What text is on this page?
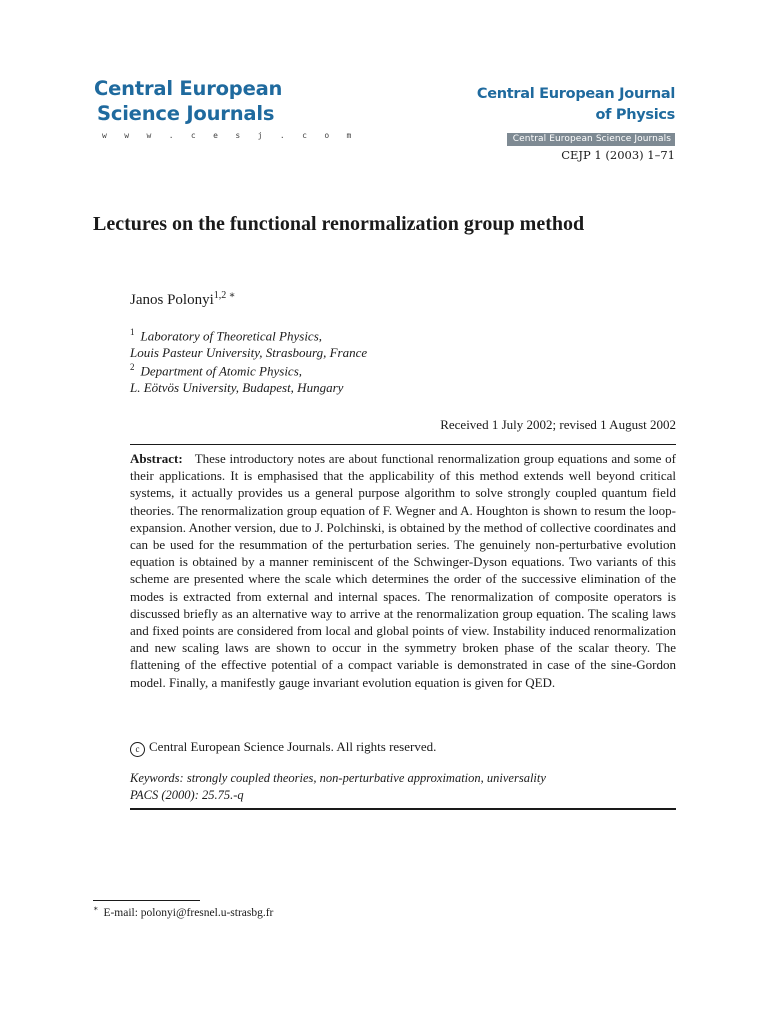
Central European
Science Journals
w w w . c e s j . c o m
Central European Journal
of Physics
Central European Science Journals
CEJP 1 (2003) 1–71
Lectures on the functional renormalization group method
Janos Polonyi$^{1,2 ∗}$
$^1$ Laboratory of Theoretical Physics,
Louis Pasteur University, Strasbourg, France
$^2$ Department of Atomic Physics,
L. Eötvös University, Budapest, Hungary
Received 1 July 2002; revised 1 August 2002
Abstract: These introductory notes are about functional renormalization group equations and some of their applications. It is emphasised that the applicability of this method extends well beyond critical systems, it actually provides us a general purpose algorithm to solve strongly coupled quantum field theories. The renormalization group equation of F. Wegner and A. Houghton is shown to resum the loop-expansion. Another version, due to J. Polchinski, is obtained by the method of collective coordinates and can be used for the resummation of the perturbation series. The genuinely non-perturbative evolution equation is obtained by a manner reminiscent of the Schwinger-Dyson equations. Two variants of this scheme are presented where the scale which determines the order of the successive elimination of the modes is extracted from external and internal spaces. The renormalization of composite operators is discussed briefly as an alternative way to arrive at the renormalization group equation. The scaling laws and fixed points are considered from local and global points of view. Instability induced renormalization and new scaling laws are shown to occur in the symmetry broken phase of the scalar theory. The flattening of the effective potential of a compact variable is demonstrated in case of the sine-Gordon model. Finally, a manifestly gauge invariant evolution equation is given for QED.
c Central European Science Journals. All rights reserved.
Keywords: strongly coupled theories, non-perturbative approximation, universality
PACS (2000): 25.75.-q
∗ E-mail: polonyi@fresnel.u-strasbg.fr
